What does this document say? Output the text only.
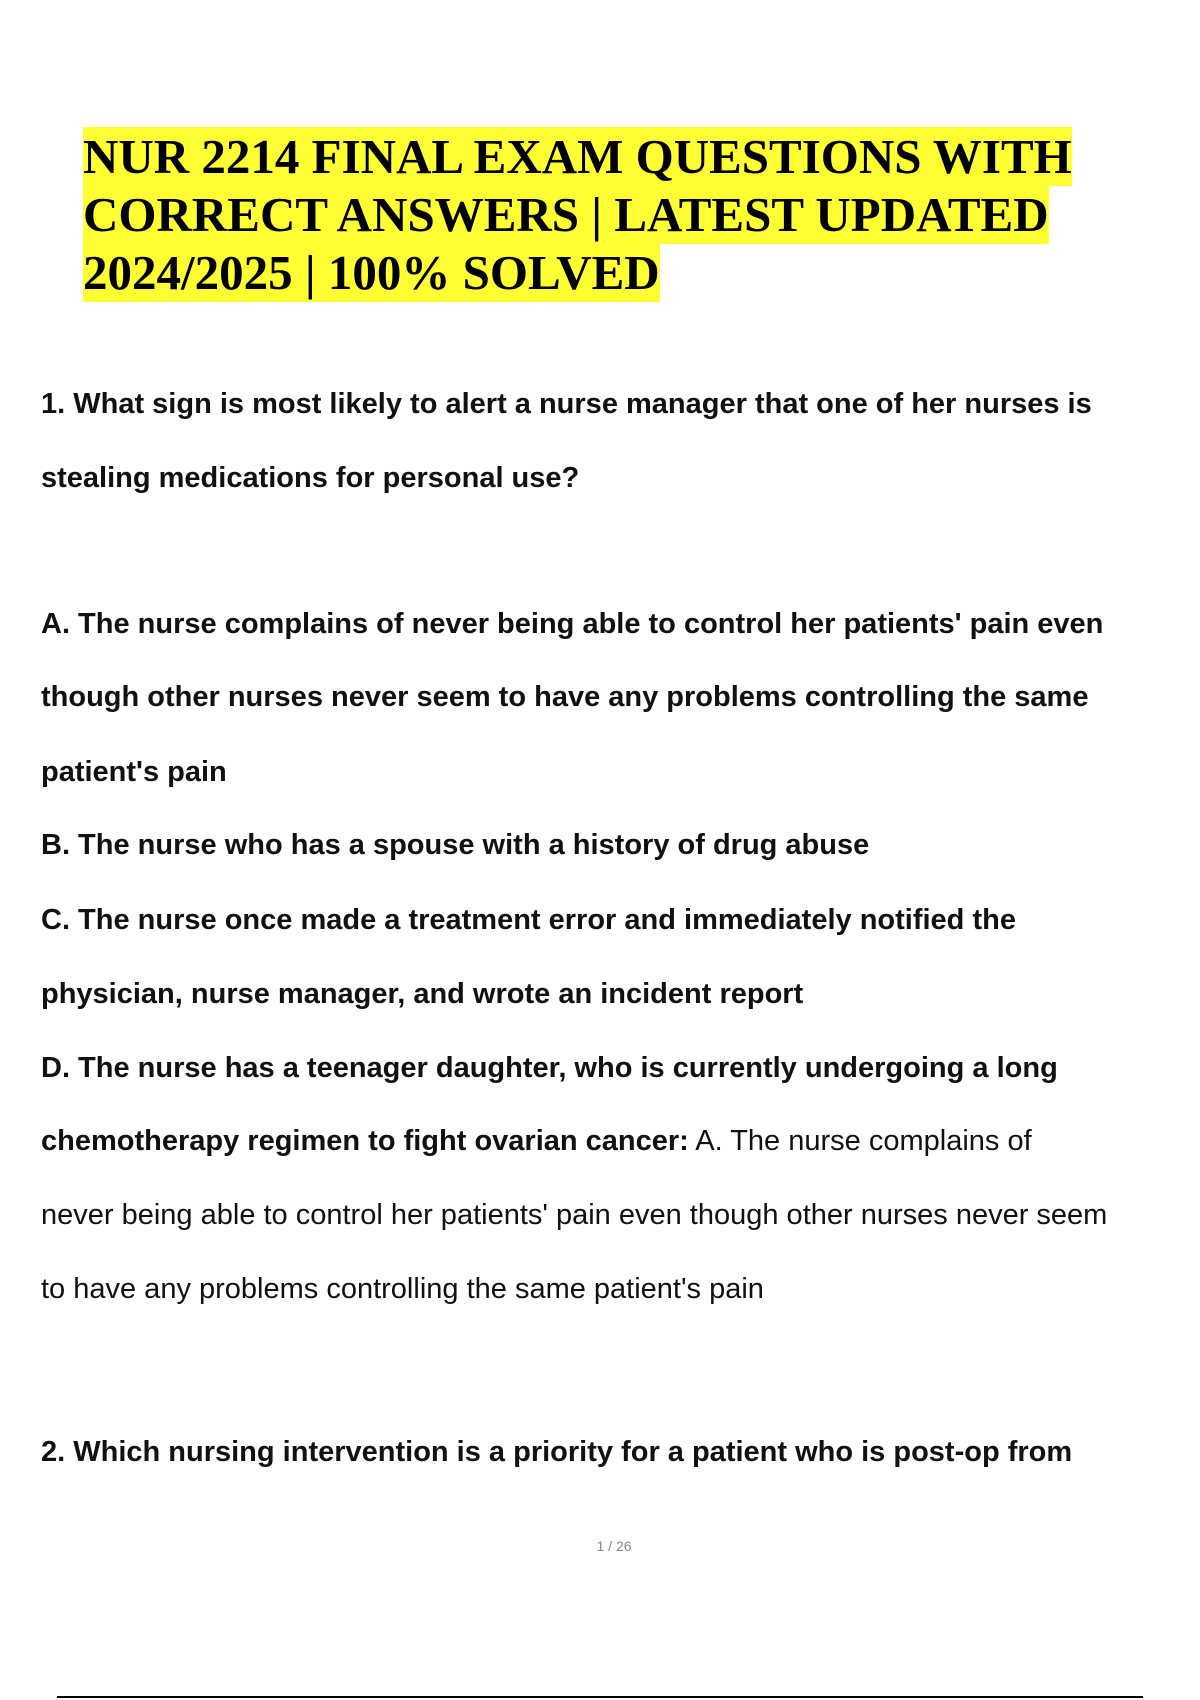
NUR 2214 FINAL EXAM QUESTIONS WITH CORRECT ANSWERS | LATEST UPDATED 2024/2025 | 100% SOLVED

1. What sign is most likely to alert a nurse manager that one of her nurses is

stealing medications for personal use?

A. The nurse complains of never being able to control her patients' pain even

though other nurses never seem to have any problems controlling the same

patient's pain

B. The nurse who has a spouse with a history of drug abuse

C. The nurse once made a treatment error and immediately notified the

physician, nurse manager, and wrote an incident report

D. The nurse has a teenager daughter, who is currently undergoing a long

chemotherapy regimen to fight ovarian cancer: A. The nurse complains of

never being able to control her patients' pain even though other nurses never seem

to have any problems controlling the same patient's pain

2. Which nursing intervention is a priority for a patient who is post-op from

1 / 26
